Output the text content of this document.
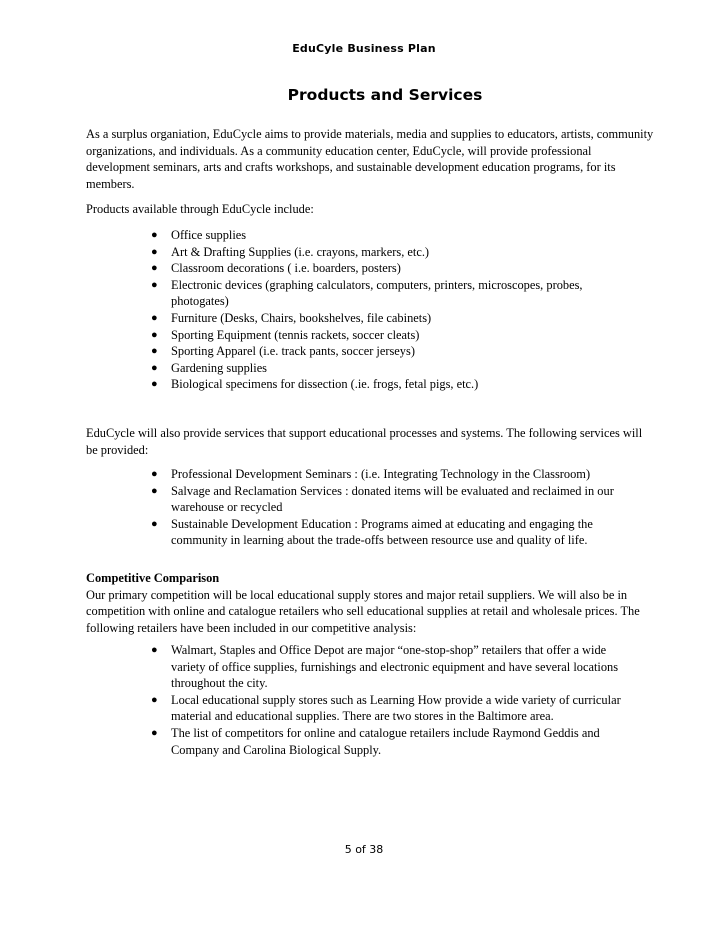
EduCyle Business Plan
Products and Services
As a surplus organiation, EduCycle aims to provide materials, media and supplies to educators, artists, community organizations, and individuals. As a community education center, EduCycle, will provide professional development seminars, arts and crafts workshops, and sustainable development education programs, for its members.
Products available through EduCycle include:
● Office supplies
● Art & Drafting Supplies (i.e. crayons, markers, etc.)
● Classroom decorations ( i.e. boarders, posters)
● Electronic devices (graphing calculators, computers, printers, microscopes, probes, photogates)
● Furniture (Desks, Chairs, bookshelves, file cabinets)
● Sporting Equipment (tennis rackets, soccer cleats)
● Sporting Apparel (i.e. track pants, soccer jerseys)
● Gardening supplies
● Biological specimens for dissection (.ie. frogs, fetal pigs, etc.)
EduCycle will also provide services that support educational processes and systems. The following services will be provided:
● Professional Development Seminars : (i.e. Integrating Technology in the Classroom)
● Salvage and Reclamation Services : donated items will be evaluated and reclaimed in our warehouse or recycled
● Sustainable Development Education : Programs aimed at educating and engaging the community in learning about the trade-offs between resource use and quality of life.
Competitive Comparison
Our primary competition will be local educational supply stores and major retail suppliers. We will also be in competition with online and catalogue retailers who sell educational supplies at retail and wholesale prices. The following retailers have been included in our competitive analysis:
● Walmart, Staples and Office Depot are major “one-stop-shop” retailers that offer a wide variety of office supplies, furnishings and electronic equipment and have several locations throughout the city.
● Local educational supply stores such as Learning How provide a wide variety of curricular material and educational supplies. There are two stores in the Baltimore area.
● The list of competitors for online and catalogue retailers include Raymond Geddis and Company and Carolina Biological Supply.
5 of 38
